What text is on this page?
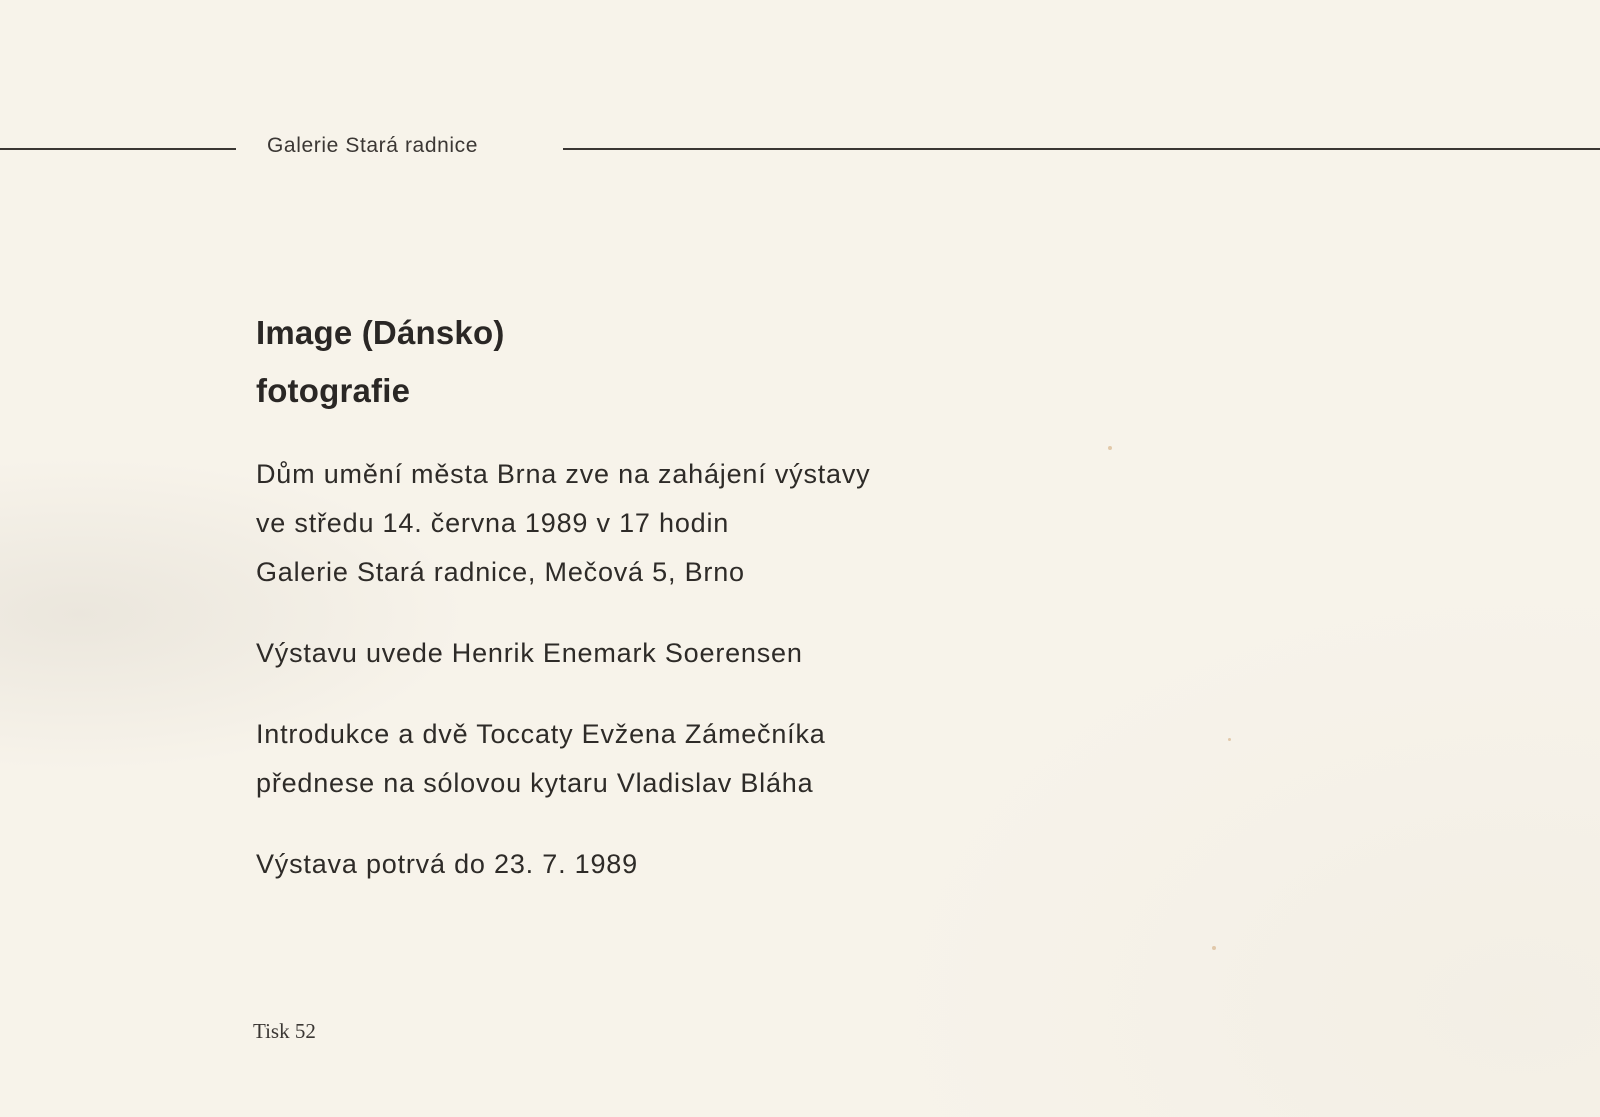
Galerie Stará radnice
Image (Dánsko)
fotografie
Dům umění města Brna zve na zahájení výstavy
ve středu 14. června 1989 v 17 hodin
Galerie Stará radnice, Mečová 5, Brno
Výstavu uvede Henrik Enemark Soerensen
Introdukce a dvě Toccaty Evžena Zámečníka
přednese na sólovou kytaru Vladislav Bláha
Výstava potrvá do 23. 7. 1989
Tisk 52
